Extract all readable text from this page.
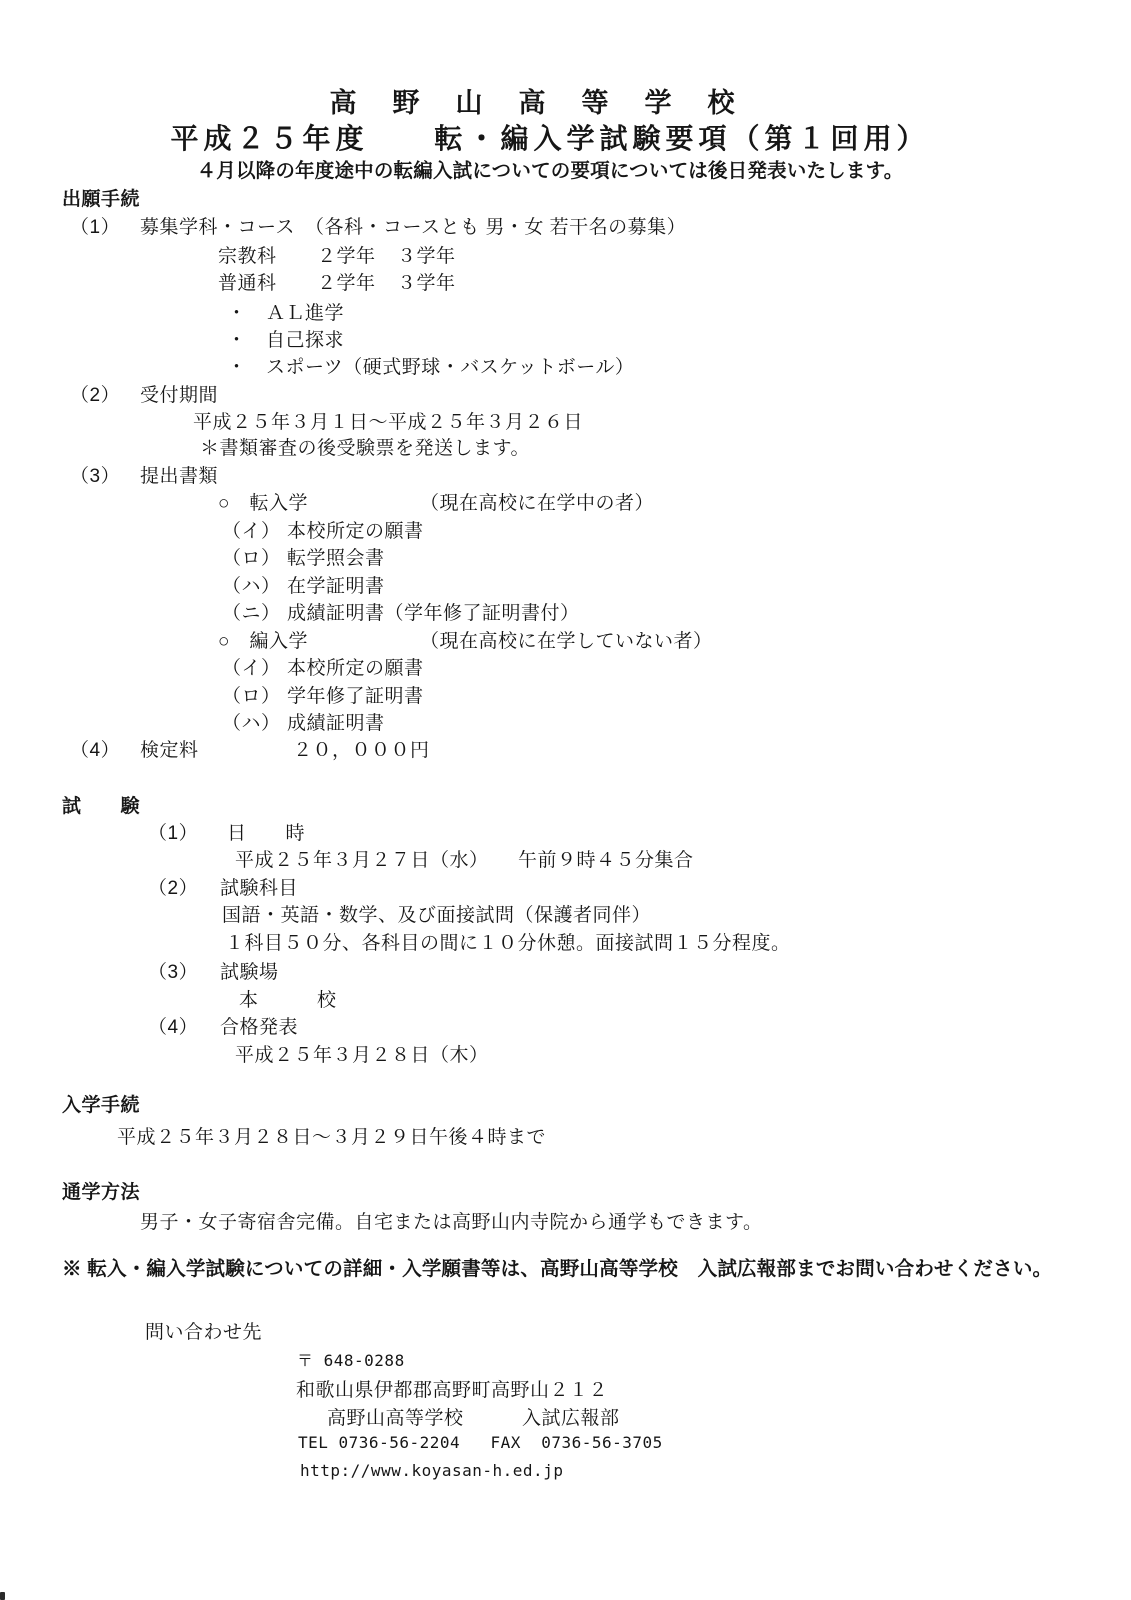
高野山高等学校
平成２５年度　　転・編入学試験要項（第１回用）
４月以降の年度途中の転編入試についての要項については後日発表いたします。
出願手続
（1） 募集学科・コース （各科・コースとも 男・女 若干名の募集）
宗教科 ２学年 ３学年
普通科 ２学年 ３学年
・　ＡＬ進学
・　自己探求
・　スポーツ（硬式野球・バスケットボール）
（2） 受付期間
平成２５年３月１日～平成２５年３月２６日
＊書類審査の後受験票を発送します。
（3） 提出書類
○　転入学	（現在高校に在学中の者）
（イ） 本校所定の願書
（ロ） 転学照会書
（ハ） 在学証明書
（ニ） 成績証明書（学年修了証明書付）
○　編入学	（現在高校に在学していない者）
（イ） 本校所定の願書
（ロ） 学年修了証明書
（ハ） 成績証明書
（4） 検定料	２０，０００円
試　　験
（1） 日　　時
平成２５年３月２７日（水）　　午前９時４５分集合
（2） 試験科目
国語・英語・数学、及び面接試問（保護者同伴）
１科目５０分、各科目の間に１０分休憩。面接試問１５分程度。
（3） 試験場
本　　　校
（4） 合格発表
平成２５年３月２８日（木）
入学手続
平成２５年３月２８日～３月２９日午後４時まで
通学方法
男子・女子寄宿舎完備。自宅または高野山内寺院から通学もできます。
※ 転入・編入学試験についての詳細・入学願書等は、高野山高等学校　入試広報部までお問い合わせください。
問い合わせ先
〒 648-0288
和歌山県伊都郡高野町高野山２１２
高野山高等学校　　　入試広報部
TEL 0736-56-2204   FAX  0736-56-3705
http://www.koyasan-h.ed.jp
